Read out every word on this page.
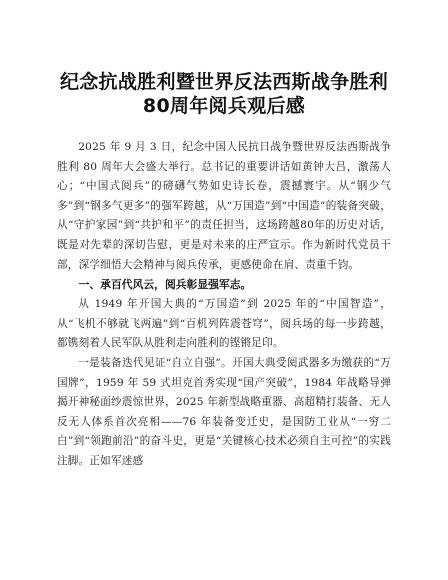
纪念抗战胜利暨世界反法西斯战争胜利80周年阅兵观后感

2025 年 9 月 3 日，纪念中国人民抗日战争暨世界反法西斯战争胜利 80 周年大会盛大举行。总书记的重要讲话如黄钟大吕，激荡人心；“中国式阅兵”的磅礴气势如史诗长卷，震撼寰宇。从“钢少气多”到“钢多气更多”的强军跨越，从“万国造”到“中国造”的装备突破，从“守护家园”到“共护和平”的责任担当，这场跨越80年的历史对话，既是对先辈的深切告慰，更是对未来的庄严宣示。作为新时代党员干部，深学细悟大会精神与阅兵传承，更感使命在肩、责重千钧。

一、承百代风云，阅兵彰显强军志。

从 1949 年开国大典的“万国造”到 2025 年的“中国智造”，从“飞机不够就飞两遍”到“百机列阵震苍穹”，阅兵场的每一步跨越，都镌刻着人民军队从胜利走向胜利的铿锵足印。

一是装备迭代见证“自立自强”。开国大典受阅武器多为缴获的“万国牌”，1959 年 59 式坦克首秀实现“国产突破”，1984 年战略导弹揭开神秘面纱震惊世界，2025 年新型战略重器、高超精打装备、无人反无人体系首次亮相——76 年装备变迁史，是国防工业从“一穷二白”到“领跑前沿”的奋斗史，更是“关键核心技术必须自主可控”的实践注脚。正如军迷感
